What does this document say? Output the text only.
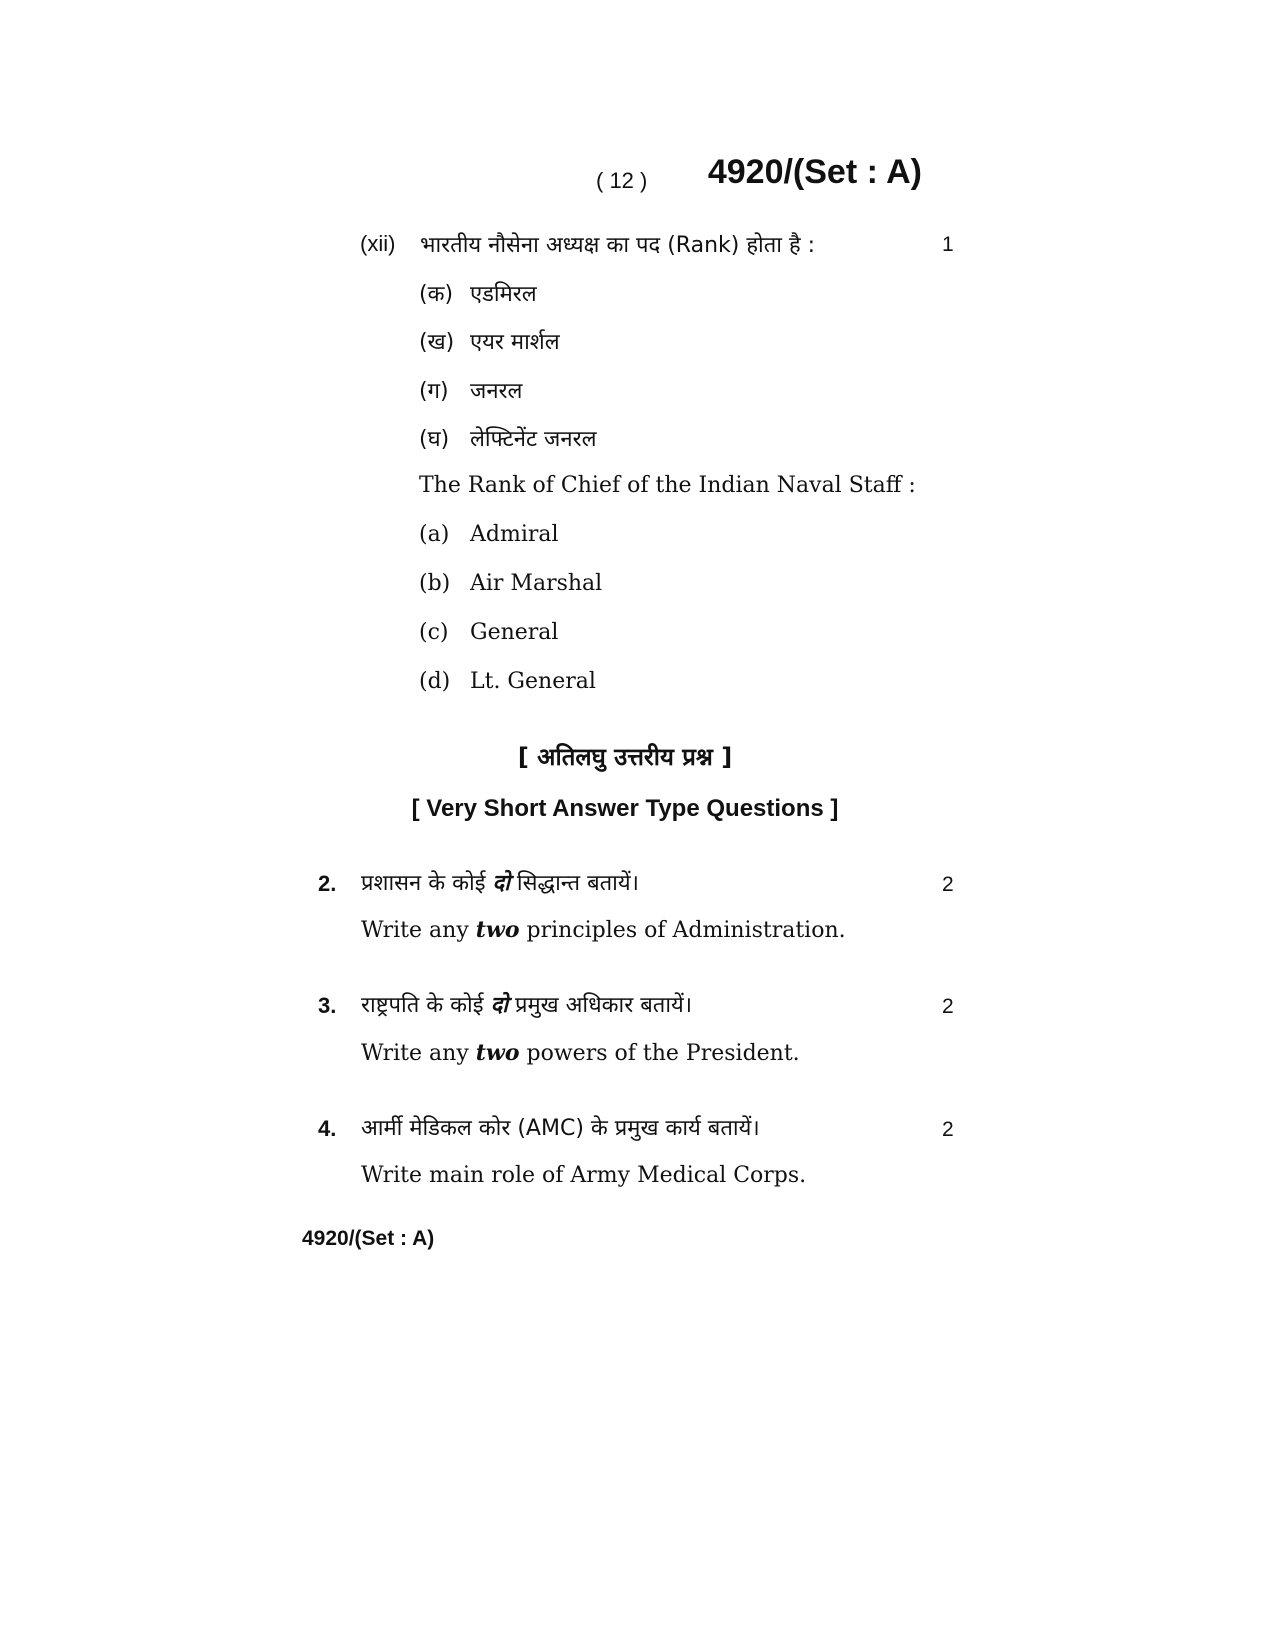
( 12 ) 4920/(Set : A)
(xii) भारतीय नौसेना अध्यक्ष का पद (Rank) होता है :	1
(क) एडमिरल
(ख) एयर मार्शल
(ग) जनरल
(घ) लेफ्टिनेंट जनरल
The Rank of Chief of the Indian Naval Staff :
(a) Admiral
(b) Air Marshal
(c) General
(d) Lt. General
[ अतिलघु उत्तरीय प्रश्न ]
[ Very Short Answer Type Questions ]
2. प्रशासन के कोई दो सिद्धान्त बतायें।	2
Write any two principles of Administration.
3. राष्ट्रपति के कोई दो प्रमुख अधिकार बतायें।	2
Write any two powers of the President.
4. आर्मी मेडिकल कोर (AMC) के प्रमुख कार्य बतायें।	2
Write main role of Army Medical Corps.
4920/(Set : A)
